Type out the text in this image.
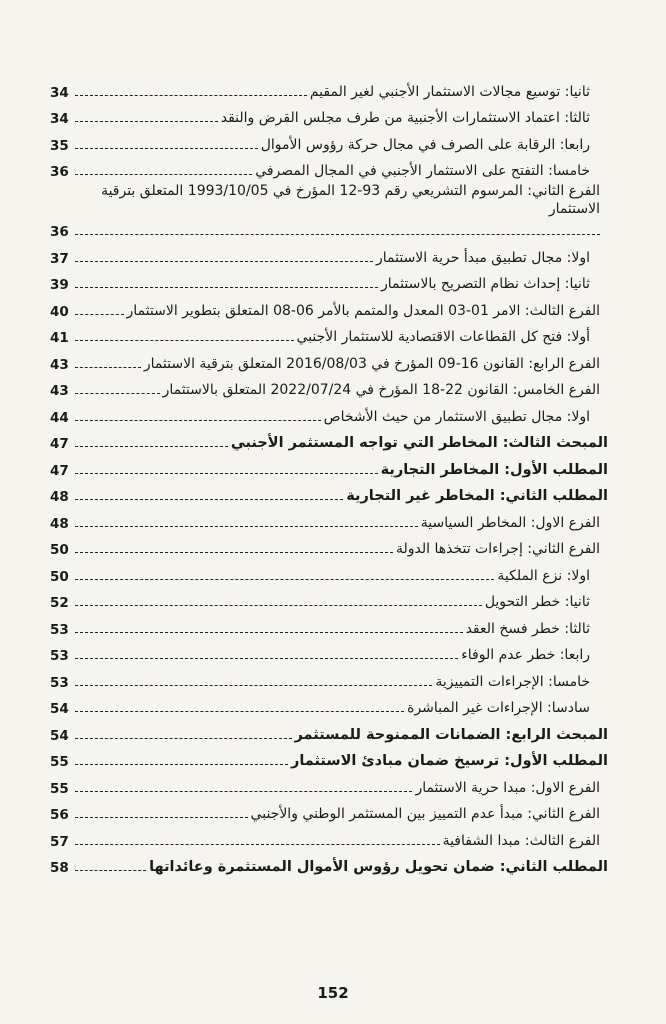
ثانيا: توسيع مجالات الاستثمار الأجنبي لغير المقيم
34
ثالثا: اعتماد الاستثمارات الأجنبية من طرف مجلس القرض والنقد
34
رابعا: الرقابة على الصرف في مجال حركة رؤوس الأموال
35
خامسا: التفتح على الاستثمار الأجنبي في المجال المصرفي
36
الفرع الثاني: المرسوم التشريعي رقم 93-12 المؤرخ في 1993/10/05 المتعلق بترقية الاستثمار
36
اولا: مجال تطبيق مبدأ حرية الاستثمار
37
ثانيا: إحداث نظام التصريح بالاستثمار
39
الفرع الثالث: الامر 01-03 المعدل والمتمم بالأمر 06-08 المتعلق بتطوير الاستثمار
40
أولا: فتح كل القطاعات الاقتصادية للاستثمار الأجنبي
41
الفرع الرابع: القانون 16-09 المؤرخ في 2016/08/03 المتعلق بترقية الاستثمار
43
الفرع الخامس: القانون 22-18 المؤرخ في 2022/07/24 المتعلق بالاستثمار
43
اولا: مجال تطبيق الاستثمار من حيث الأشخاص
44
المبحث الثالث: المخاطر التي تواجه المستثمر الأجنبي
47
المطلب الأول: المخاطر التجارية
47
المطلب الثاني: المخاطر غير التجارية
48
الفرع الاول: المخاطر السياسية
48
الفرع الثاني: إجراءات تتخذها الدولة
50
اولا: نزع الملكية
50
ثانيا: خطر التحويل
52
ثالثا: خطر فسخ العقد
53
رابعا: خطر عدم الوفاء
53
خامسا: الإجراءات التمييزية
53
سادسا: الإجراءات غير المباشرة
54
المبحث الرابع: الضمانات الممنوحة للمستثمر
54
المطلب الأول: ترسيخ ضمان مبادئ الاستثمار
55
الفرع الاول: مبدا حرية الاستثمار
55
الفرع الثاني: مبدأ عدم التمييز بين المستثمر الوطني والأجنبي
56
الفرع الثالث: مبدا الشفافية
57
المطلب الثاني: ضمان تحويل رؤوس الأموال المستثمرة وعائداتها
58
152
